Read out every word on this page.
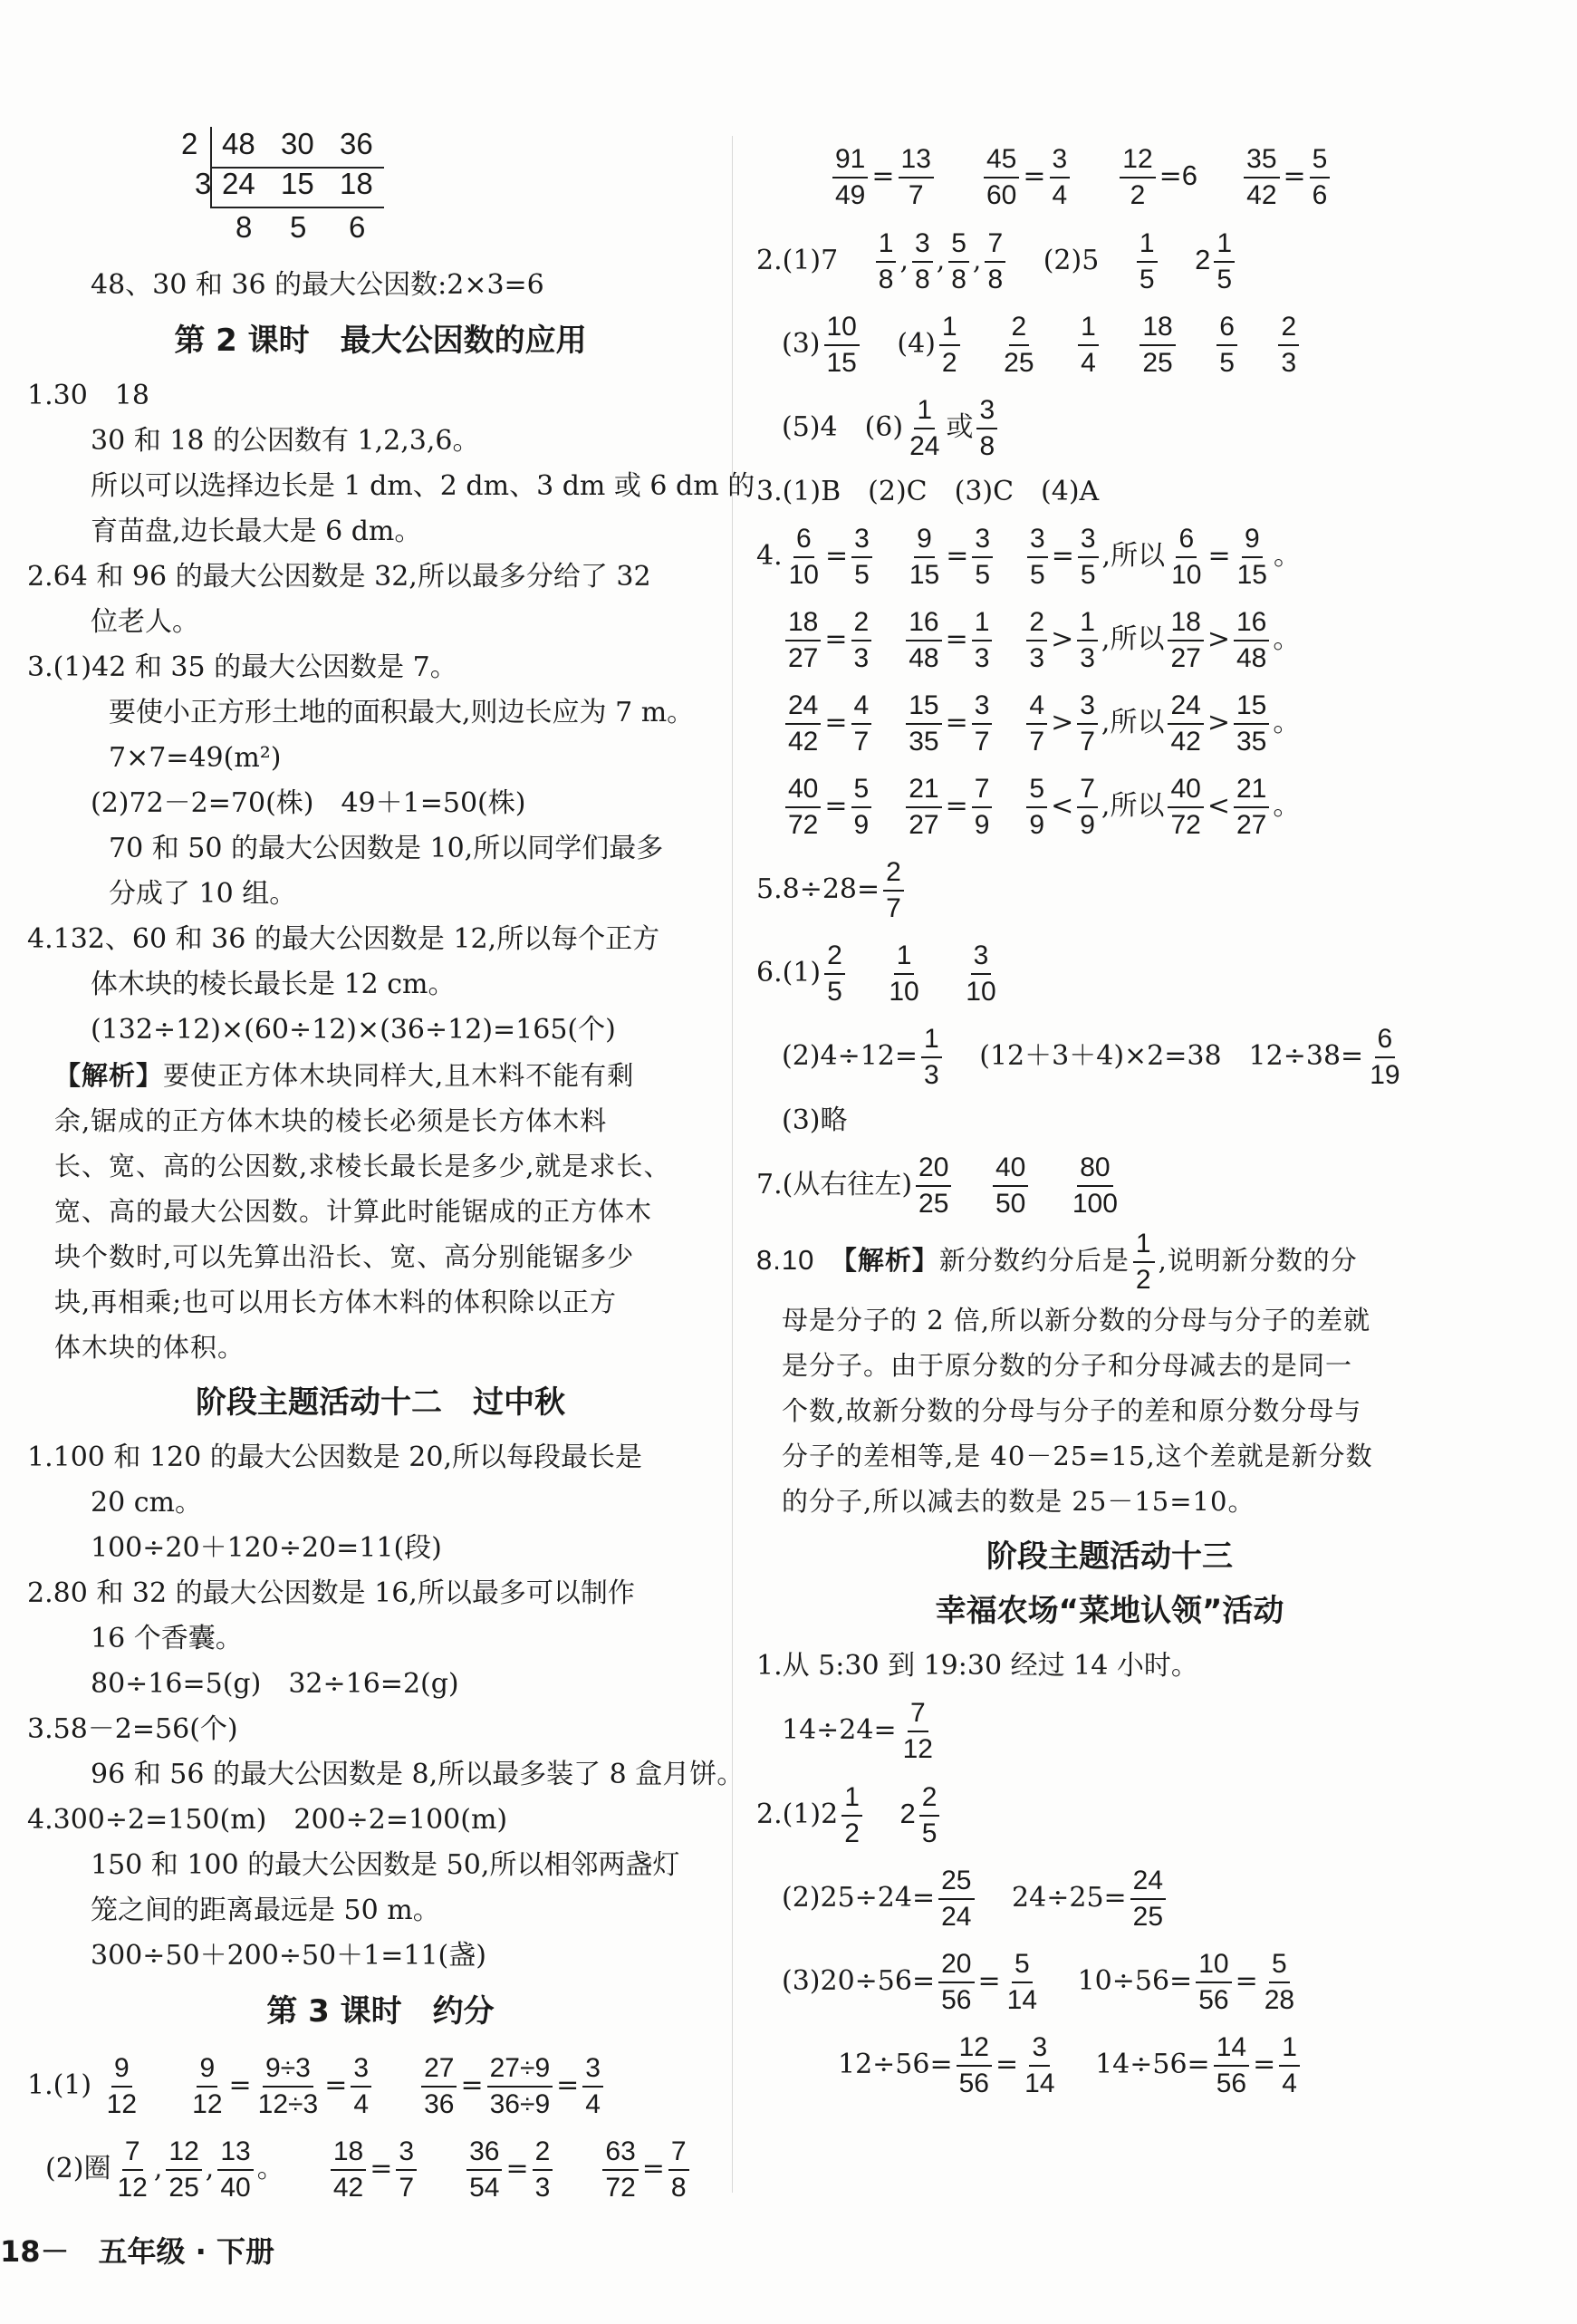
2 48 30 36
3 24 15 18
8 5 6
48、30 和 36 的最大公因数:2×3=6
第 2 课时　最大公因数的应用
1.30　18
30 和 18 的公因数有 1,2,3,6。
所以可以选择边长是 1 dm、2 dm、3 dm 或 6 dm 的
育苗盘,边长最大是 6 dm。
2.64 和 96 的最大公因数是 32,所以最多分给了 32
位老人。
3.(1)42 和 35 的最大公因数是 7。
要使小正方形土地的面积最大,则边长应为 7 m。
7×7=49(m²)
(2)72－2=70(株)　49＋1=50(株)
70 和 50 的最大公因数是 10,所以同学们最多
分成了 10 组。
4.132、60 和 36 的最大公因数是 12,所以每个正方
体木块的棱长最长是 12 cm。
(132÷12)×(60÷12)×(36÷12)=165(个)
【解析】要使正方体木块同样大,且木料不能有剩
余,锯成的正方体木块的棱长必须是长方体木料
长、宽、高的公因数,求棱长最长是多少,就是求长、
宽、高的最大公因数。计算此时能锯成的正方体木
块个数时,可以先算出沿长、宽、高分别能锯多少
块,再相乘;也可以用长方体木料的体积除以正方
体木块的体积。
阶段主题活动十二　过中秋
1.100 和 120 的最大公因数是 20,所以每段最长是
20 cm。
100÷20＋120÷20=11(段)
2.80 和 32 的最大公因数是 16,所以最多可以制作
16 个香囊。
80÷16=5(g)　32÷16=2(g)
3.58－2=56(个)
96 和 56 的最大公因数是 8,所以最多装了 8 盒月饼。
4.300÷2=150(m)　200÷2=100(m)
150 和 100 的最大公因数是 50,所以相邻两盏灯
笼之间的距离最远是 50 m。
300÷50＋200÷50＋1=11(盏)
第 3 课时　约分
$1.(1) \frac{9}{12}$
$\frac{9}{12} = \frac{9\div 3}{12\div 3} = \frac{3}{4}$
$\frac{27}{36} = \frac{27\div 9}{36\div 9} = \frac{3}{4}$
(2)圈 $\frac{7}{12}$ , $\frac{12}{25}$ , $\frac{13}{40}$ 。 $\frac{18}{42} = \frac{3}{7}$
$\frac{36}{54} = \frac{2}{3}$
$\frac{63}{72} = \frac{7}{8}$
$\frac{91}{49} = \frac{13}{7}$
$\frac{45}{60} = \frac{3}{4}$
$\frac{12}{2} =6 \frac{35}{42} = \frac{5}{6}$
$2.(1)7 \frac{1}{8}$ , $\frac{3}{8}$ , $\frac{5}{8}$ , $\frac{7}{8} (2)5 \frac{1}{5} 2 \frac{1}{5}$
$(3) \frac{10}{15} (4) \frac{1}{2}$
$\frac{2}{25}$
$\frac{1}{4}$
$\frac{18}{25}$
$\frac{6}{5}$
$\frac{2}{3}$
(5)4　$(6) \frac{1}{24}$ 或 $\frac{3}{8}$
3.(1)B　(2)C　(3)C　(4)A
4. $\frac{6}{10} = \frac{3}{5}$
  $\frac{9}{15} = \frac{3}{5}$
  $\frac{3}{5} = \frac{3}{5}$ ,所以 $\frac{6}{10} = \frac{9}{15}$ 。
$\frac{18}{27} = \frac{2}{3}$
  $\frac{16}{48} = \frac{1}{3}$
  $\frac{2}{3} > \frac{1}{3}$ ,所以 $\frac{18}{27} > \frac{16}{48}$ 。
$\frac{24}{42} = \frac{4}{7}$
  $\frac{15}{35} = \frac{3}{7}$
  $\frac{4}{7} > \frac{3}{7}$ ,所以 $\frac{24}{42} > \frac{15}{35}$ 。
$\frac{40}{72} = \frac{5}{9}$
  $\frac{21}{27} = \frac{7}{9}$
  $\frac{5}{9} < \frac{7}{9}$ ,所以 $\frac{40}{72} < \frac{21}{27}$ 。
$5.8\div 28= \frac{2}{7}$
$6.(1) \frac{2}{5}$
$\frac{1}{10}$
$\frac{3}{10}$
$(2)4\div 12= \frac{1}{3} (12+3+4)\times 2=38$　$12\div 38= \frac{6}{19}$
(3)略
7.(从右往左) $\frac{20}{25}$
$\frac{40}{50}$
$\frac{80}{100}$
8.10　【解析】新分数约分后是 $\frac{1}{2}$ ,说明新分数的分
母是分子的 2 倍,所以新分数的分母与分子的差就
是分子。由于原分数的分子和分母减去的是同一
个数,故新分数的分母与分子的差和原分数分母与
分子的差相等,是 40－25=15,这个差就是新分数
的分子,所以减去的数是 25－15=10。
阶段主题活动十三
幸福农场“菜地认领”活动
1.从 5:30 到 19:30 经过 14 小时。
$14\div 24= \frac{7}{12}$
$2.(1)2 \frac{1}{2} 2 \frac{2}{5}$
$(2)25\div 24= \frac{25}{24} 24\div 25= \frac{24}{25}$
$(3)20\div 56= \frac{20}{56} = \frac{5}{14} 10\div 56= \frac{10}{56} = \frac{5}{28}$
$12\div 56= \frac{12}{56} = \frac{3}{14} 14\div 56= \frac{14}{56} = \frac{1}{4}$
18－　五年级 · 下册
